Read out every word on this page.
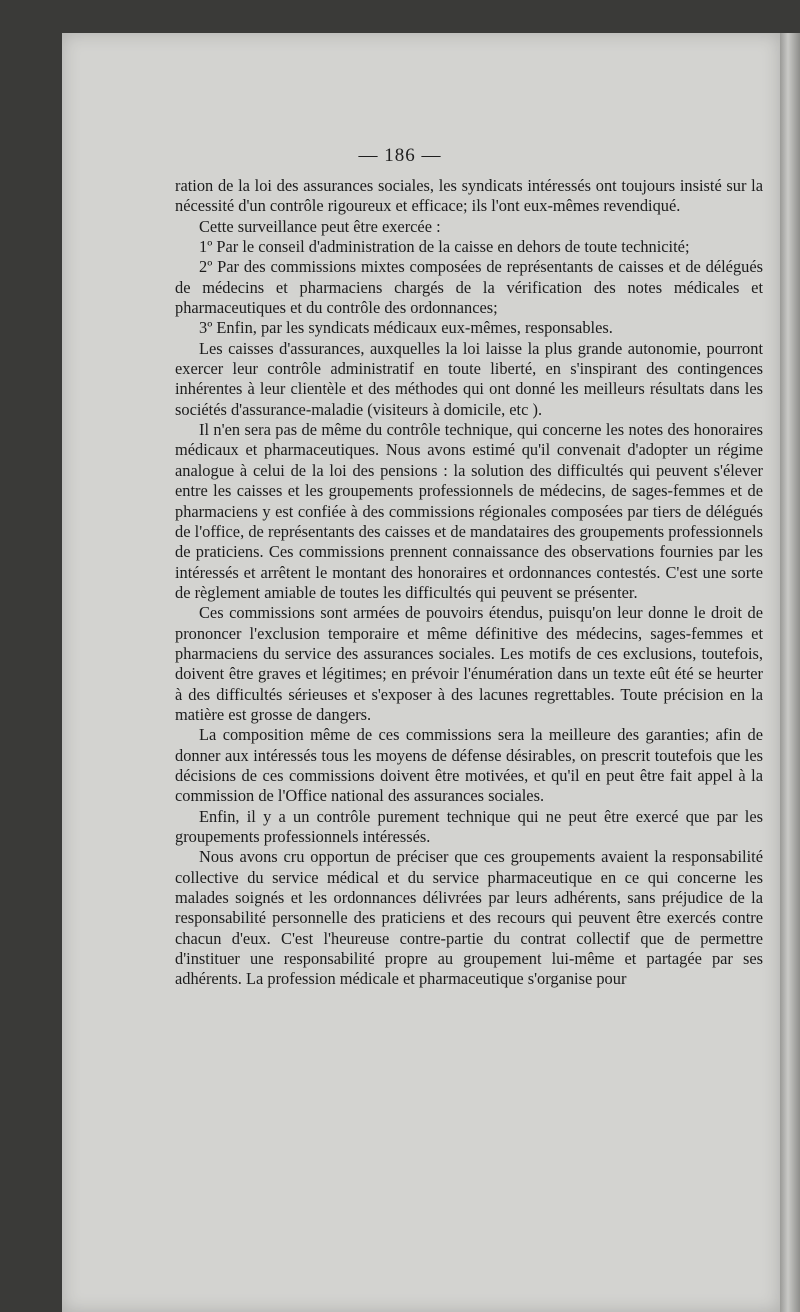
— 186 —

ration de la loi des assurances sociales, les syndicats intéressés ont toujours insisté sur la nécessité d'un contrôle rigoureux et efficace; ils l'ont eux-mêmes revendiqué.

Cette surveillance peut être exercée :

1º Par le conseil d'administration de la caisse en dehors de toute technicité;

2º Par des commissions mixtes composées de représentants de caisses et de délégués de médecins et pharmaciens chargés de la vérification des notes médicales et pharmaceutiques et du contrôle des ordonnances;

3º Enfin, par les syndicats médicaux eux-mêmes, responsables.

Les caisses d'assurances, auxquelles la loi laisse la plus grande autonomie, pourront exercer leur contrôle administratif en toute liberté, en s'inspirant des contingences inhérentes à leur clientèle et des méthodes qui ont donné les meilleurs résultats dans les sociétés d'assurance-maladie (visiteurs à domicile, etc ).

Il n'en sera pas de même du contrôle technique, qui concerne les notes des honoraires médicaux et pharmaceutiques. Nous avons estimé qu'il convenait d'adopter un régime analogue à celui de la loi des pensions : la solution des difficultés qui peuvent s'élever entre les caisses et les groupements professionnels de médecins, de sages-femmes et de pharmaciens y est confiée à des commissions régionales composées par tiers de délégués de l'office, de représentants des caisses et de mandataires des groupements professionnels de praticiens. Ces commissions prennent connaissance des observations fournies par les intéressés et arrêtent le montant des honoraires et ordonnances contestés. C'est une sorte de règlement amiable de toutes les difficultés qui peuvent se présenter.

Ces commissions sont armées de pouvoirs étendus, puisqu'on leur donne le droit de prononcer l'exclusion temporaire et même définitive des médecins, sages-femmes et pharmaciens du service des assurances sociales. Les motifs de ces exclusions, toutefois, doivent être graves et légitimes; en prévoir l'énumération dans un texte eût été se heurter à des difficultés sérieuses et s'exposer à des lacunes regrettables. Toute précision en la matière est grosse de dangers.

La composition même de ces commissions sera la meilleure des garanties; afin de donner aux intéressés tous les moyens de défense désirables, on prescrit toutefois que les décisions de ces commissions doivent être motivées, et qu'il en peut être fait appel à la commission de l'Office national des assurances sociales.

Enfin, il y a un contrôle purement technique qui ne peut être exercé que par les groupements professionnels intéressés.

Nous avons cru opportun de préciser que ces groupements avaient la responsabilité collective du service médical et du service pharmaceutique en ce qui concerne les malades soignés et les ordonnances délivrées par leurs adhérents, sans préjudice de la responsabilité personnelle des praticiens et des recours qui peuvent être exercés contre chacun d'eux. C'est l'heureuse contre-partie du contrat collectif que de permettre d'instituer une responsabilité propre au groupement lui-même et partagée par ses adhérents. La profession médicale et pharmaceutique s'organise pour
